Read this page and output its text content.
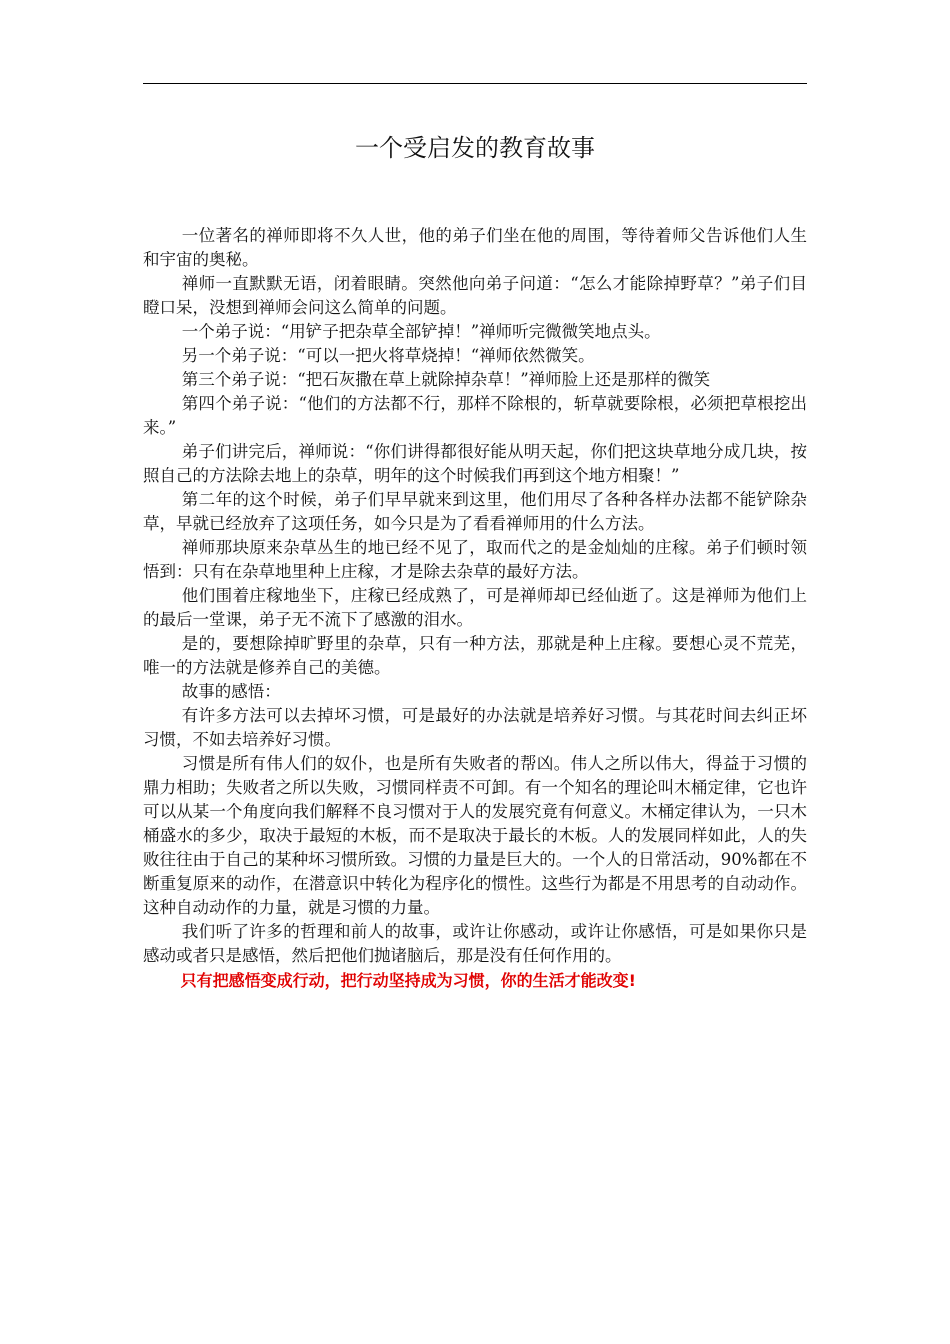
一个受启发的教育故事

一位著名的禅师即将不久人世，他的弟子们坐在他的周围，等待着师父告诉他们人生和宇宙的奥秘。

禅师一直默默无语，闭着眼睛。突然他向弟子问道：“怎么才能除掉野草？”弟子们目瞪口呆，没想到禅师会问这么简单的问题。

一个弟子说：“用铲子把杂草全部铲掉！”禅师听完微微笑地点头。

另一个弟子说：“可以一把火将草烧掉！“禅师依然微笑。

第三个弟子说：“把石灰撒在草上就除掉杂草！”禅师脸上还是那样的微笑

第四个弟子说：“他们的方法都不行，那样不除根的，斩草就要除根，必须把草根挖出来。”

弟子们讲完后，禅师说：“你们讲得都很好能从明天起，你们把这块草地分成几块，按照自己的方法除去地上的杂草，明年的这个时候我们再到这个地方相聚！”

第二年的这个时候，弟子们早早就来到这里，他们用尽了各种各样办法都不能铲除杂草，早就已经放弃了这项任务，如今只是为了看看禅师用的什么方法。

禅师那块原来杂草丛生的地已经不见了，取而代之的是金灿灿的庄稼。弟子们顿时领悟到：只有在杂草地里种上庄稼，才是除去杂草的最好方法。

他们围着庄稼地坐下，庄稼已经成熟了，可是禅师却已经仙逝了。这是禅师为他们上的最后一堂课，弟子无不流下了感激的泪水。

是的，要想除掉旷野里的杂草，只有一种方法，那就是种上庄稼。要想心灵不荒芜，唯一的方法就是修养自己的美德。

故事的感悟：

有许多方法可以去掉坏习惯，可是最好的办法就是培养好习惯。与其花时间去纠正坏习惯，不如去培养好习惯。

习惯是所有伟人们的奴仆，也是所有失败者的帮凶。伟人之所以伟大，得益于习惯的鼎力相助；失败者之所以失败，习惯同样责不可卸。有一个知名的理论叫木桶定律，它也许可以从某一个角度向我们解释不良习惯对于人的发展究竟有何意义。木桶定律认为，一只木桶盛水的多少，取决于最短的木板，而不是取决于最长的木板。人的发展同样如此，人的失败往往由于自己的某种坏习惯所致。习惯的力量是巨大的。一个人的日常活动，90%都在不断重复原来的动作，在潜意识中转化为程序化的惯性。这些行为都是不用思考的自动动作。这种自动动作的力量，就是习惯的力量。

我们听了许多的哲理和前人的故事，或许让你感动，或许让你感悟，可是如果你只是感动或者只是感悟，然后把他们抛诸脑后，那是没有任何作用的。

只有把感悟变成行动，把行动坚持成为习惯，你的生活才能改变!
